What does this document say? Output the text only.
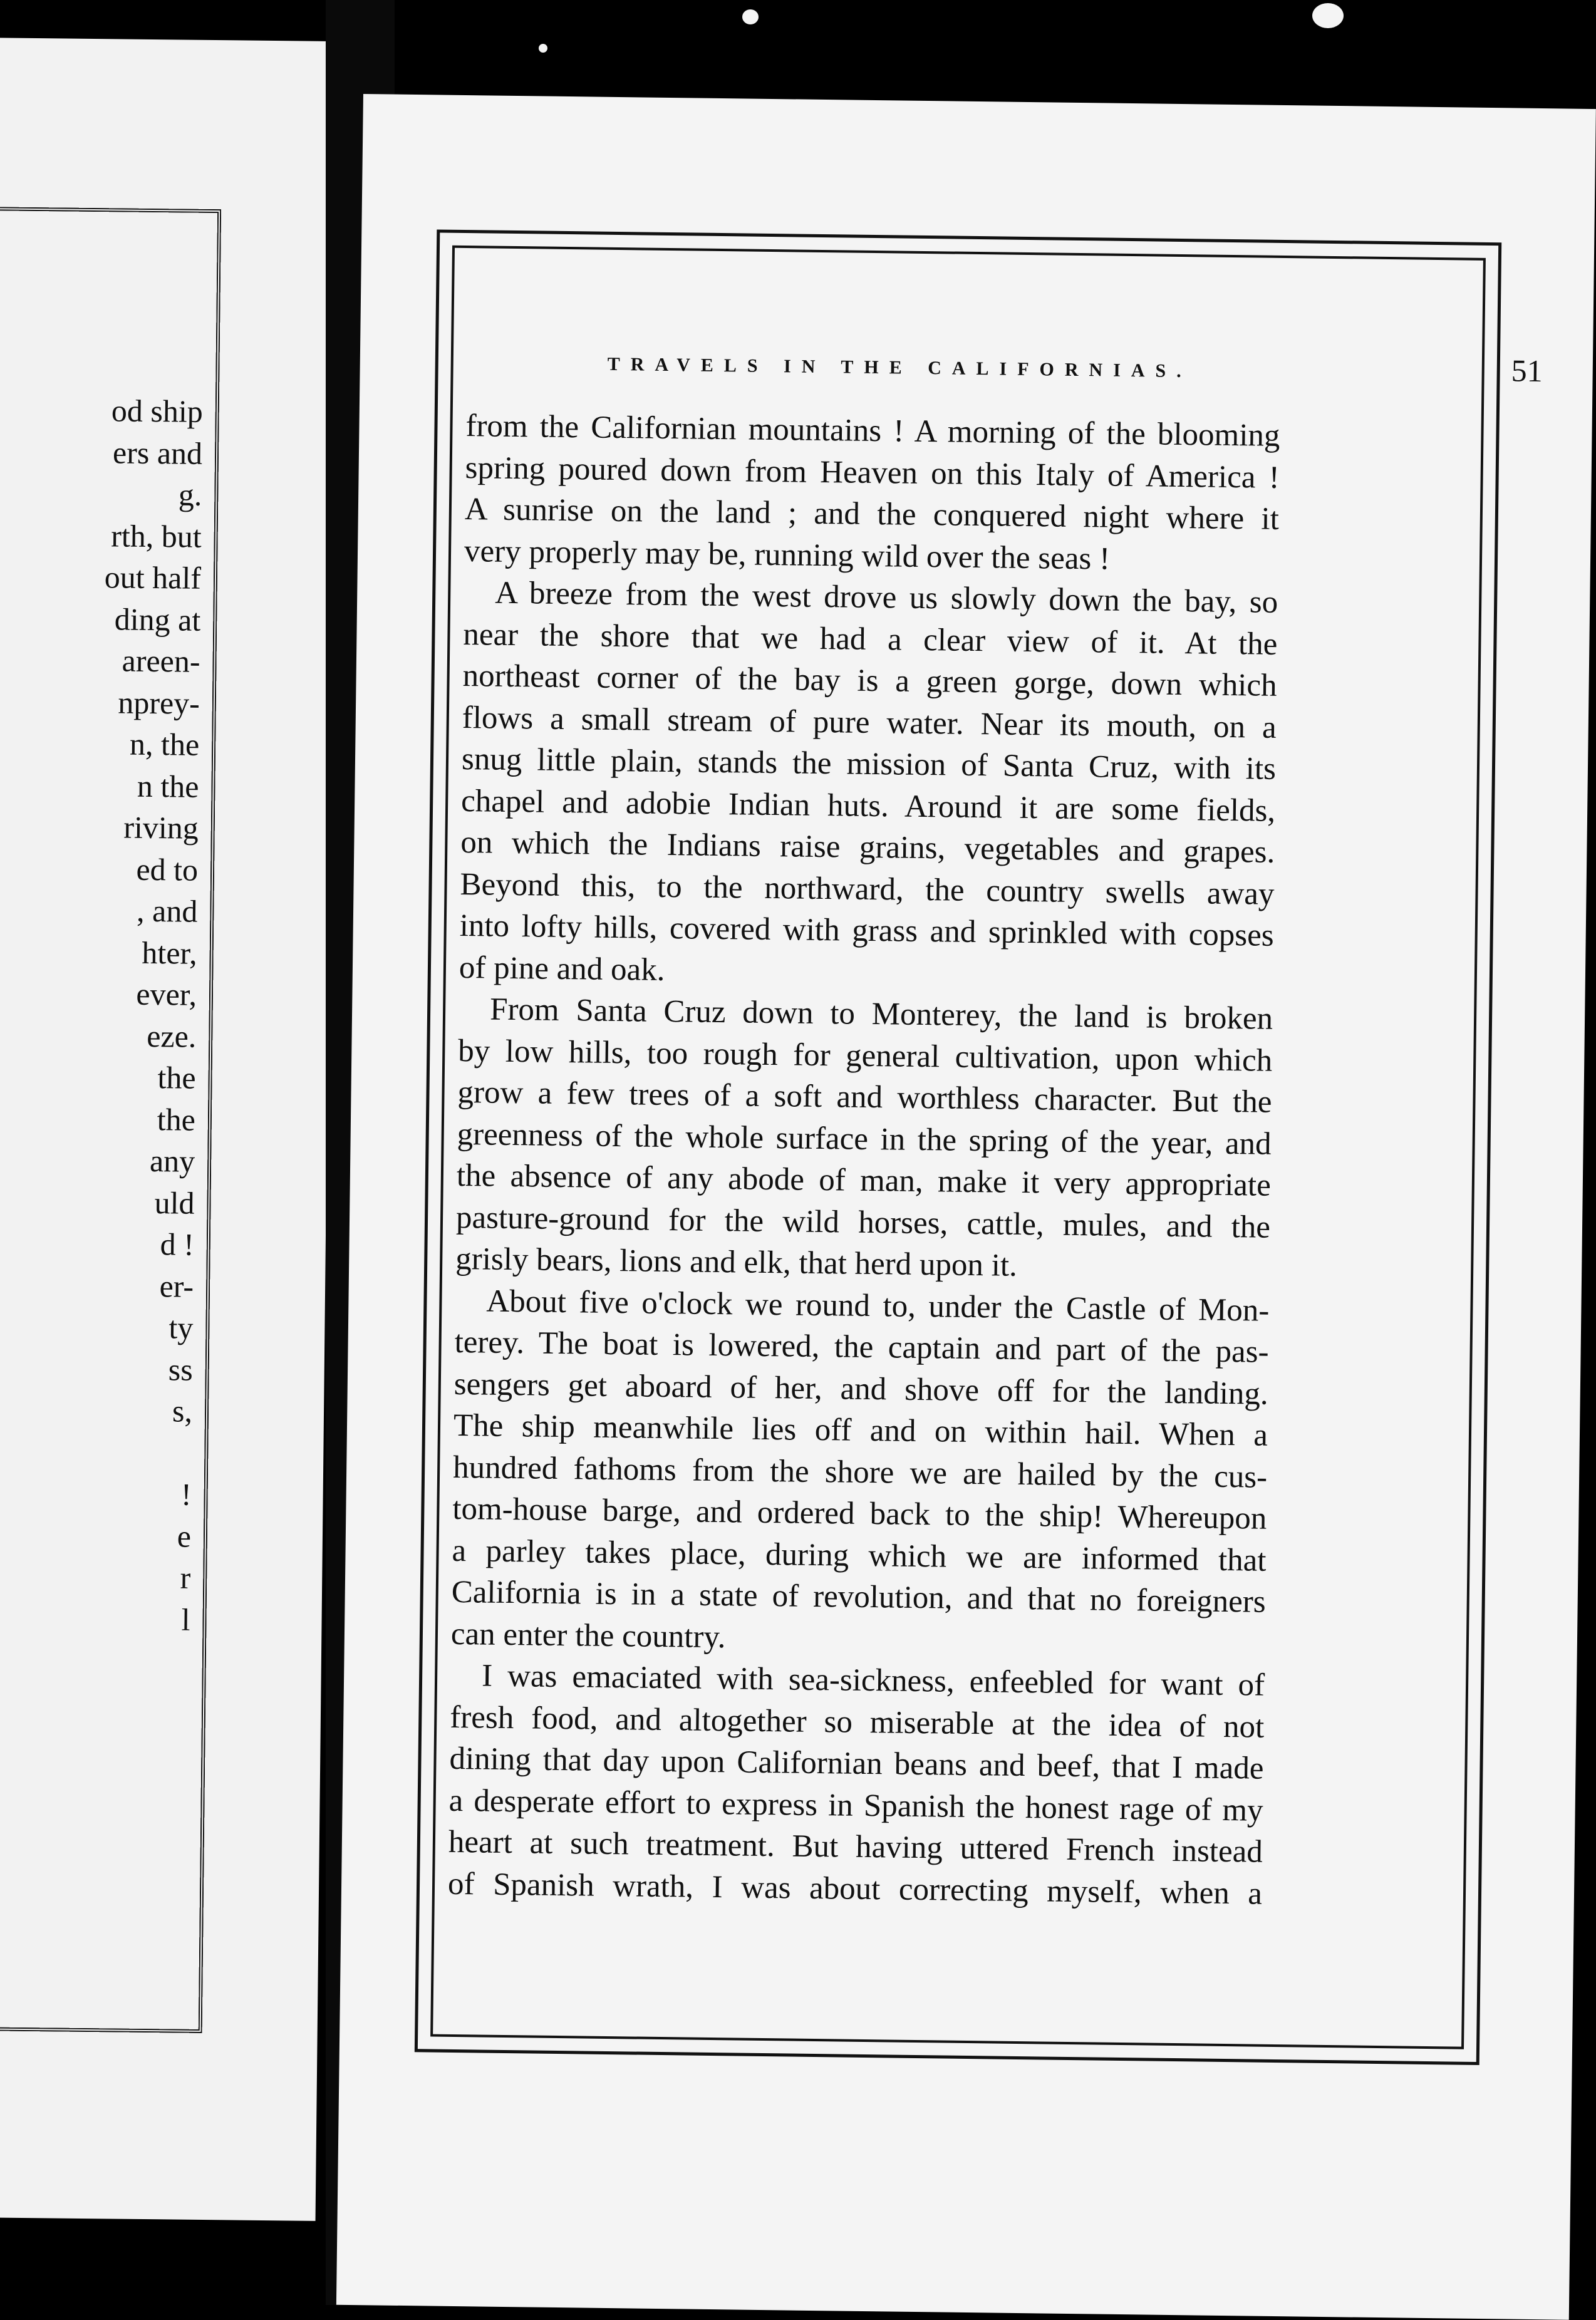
od ship
ers and
g.
rth, but
out half
ding at
areen-
nprey-
n, the
n the
riving
ed to
, and
hter,
ever,
eze.
the
the
any
uld
d !
er-
ty
ss
s,

!
e
r
l
TRAVELS IN THE CALIFORNIAS.	51
from the Californian mountains ! A morning of the blooming
spring poured down from Heaven on this Italy of America !
A sunrise on the land ; and the conquered night where it
very properly may be, running wild over the seas !
A breeze from the west drove us slowly down the bay, so
near the shore that we had a clear view of it. At the
northeast corner of the bay is a green gorge, down which
flows a small stream of pure water. Near its mouth, on a
snug little plain, stands the mission of Santa Cruz, with its
chapel and adobie Indian huts. Around it are some fields,
on which the Indians raise grains, vegetables and grapes.
Beyond this, to the northward, the country swells away
into lofty hills, covered with grass and sprinkled with copses
of pine and oak.
From Santa Cruz down to Monterey, the land is broken
by low hills, too rough for general cultivation, upon which
grow a few trees of a soft and worthless character. But the
greenness of the whole surface in the spring of the year, and
the absence of any abode of man, make it very appropriate
pasture-ground for the wild horses, cattle, mules, and the
grisly bears, lions and elk, that herd upon it.
About five o'clock we round to, under the Castle of Mon-
terey. The boat is lowered, the captain and part of the pas-
sengers get aboard of her, and shove off for the landing.
The ship meanwhile lies off and on within hail. When a
hundred fathoms from the shore we are hailed by the cus-
tom-house barge, and ordered back to the ship! Whereupon
a parley takes place, during which we are informed that
California is in a state of revolution, and that no foreigners
can enter the country.
I was emaciated with sea-sickness, enfeebled for want of
fresh food, and altogether so miserable at the idea of not
dining that day upon Californian beans and beef, that I made
a desperate effort to express in Spanish the honest rage of my
heart at such treatment. But having uttered French instead
of Spanish wrath, I was about correcting myself, when a
